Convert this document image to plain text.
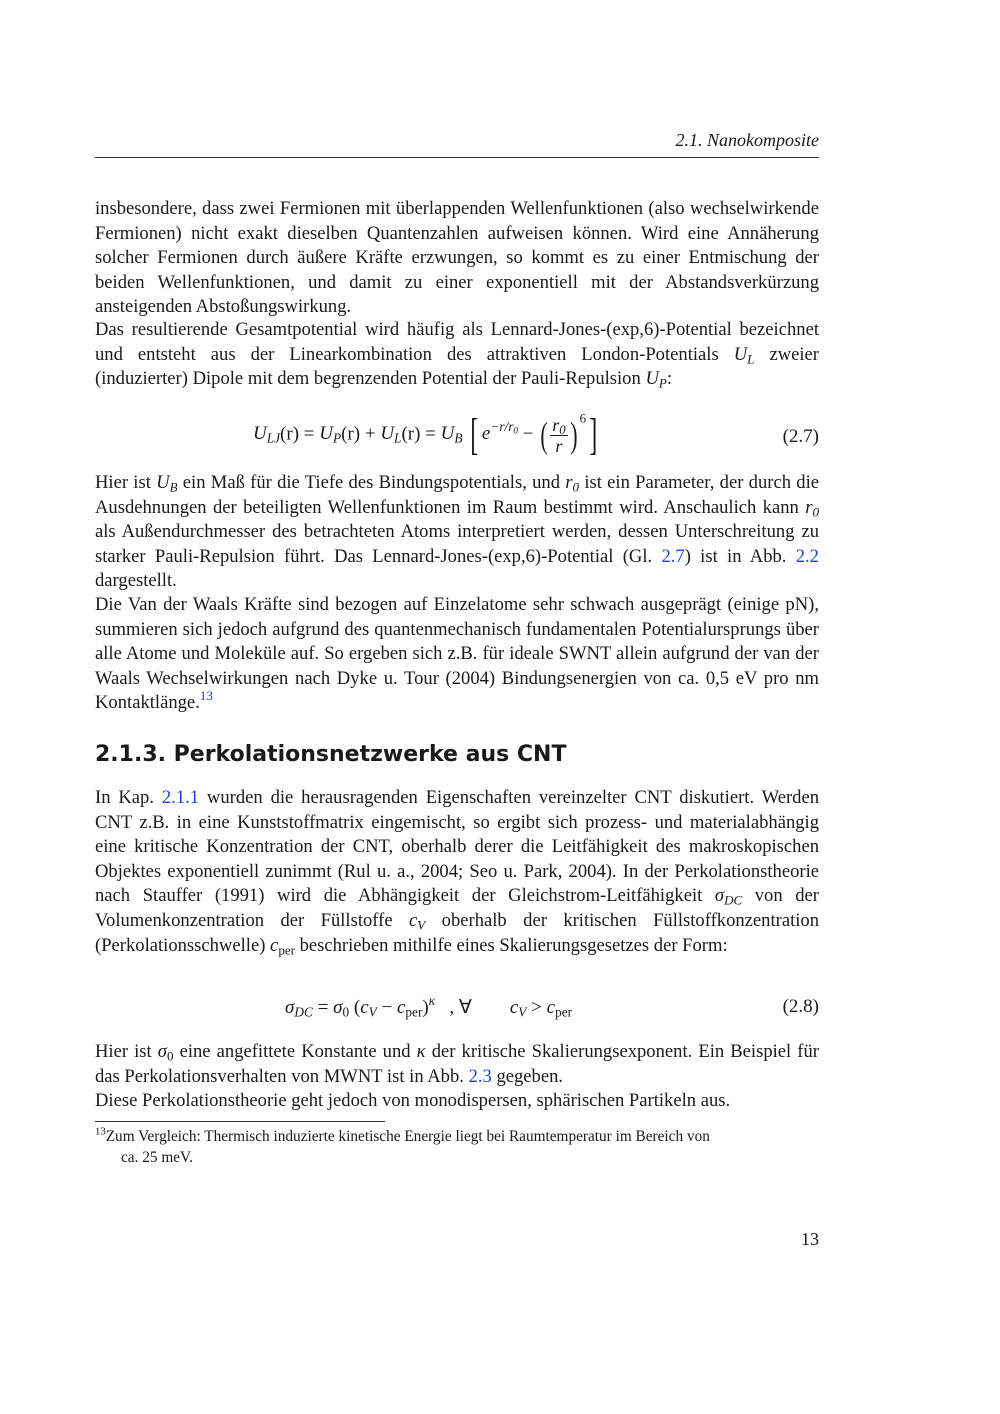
2.1. Nanokomposite

insbesondere, dass zwei Fermionen mit überlappenden Wellenfunktionen (also wechselwirkende Fermionen) nicht exakt dieselben Quantenzahlen aufweisen können. Wird eine Annäherung solcher Fermionen durch äußere Kräfte erzwungen, so kommt es zu einer Entmischung der beiden Wellenfunktionen, und damit zu einer exponentiell mit der Abstandsverkürzung ansteigenden Abstoßungswirkung.

Das resultierende Gesamtpotential wird häufig als Lennard-Jones-(exp,6)-Potential bezeichnet und entsteht aus der Linearkombination des attraktiven London-Potentials $U_L$ zweier (induzierter) Dipole mit dem begrenzenden Potential der Pauli-Repulsion $U_P$:

$U_{LJ}(r) = U_P(r) + U_L(r) = U_B$ [ $e^{-r/r_0}$ − ( $\frac{r_0}{r}$ ) $^6$]	(2.7)

Hier ist $U_B$ ein Maß für die Tiefe des Bindungspotentials, und $r_0$ ist ein Parameter, der durch die Ausdehnungen der beteiligten Wellenfunktionen im Raum bestimmt wird. Anschaulich kann $r_0$ als Außendurchmesser des betrachteten Atoms interpretiert werden, dessen Unterschreitung zu starker Pauli-Repulsion führt. Das Lennard-Jones-(exp,6)-Potential (Gl. 2.7) ist in Abb. 2.2 dargestellt.

Die Van der Waals Kräfte sind bezogen auf Einzelatome sehr schwach ausgeprägt (einige pN), summieren sich jedoch aufgrund des quantenmechanisch fundamentalen Potentialursprungs über alle Atome und Moleküle auf. So ergeben sich z.B. für ideale SWNT allein aufgrund der van der Waals Wechselwirkungen nach Dyke u. Tour (2004) Bindungsenergien von ca. 0,5 eV pro nm Kontaktlänge.$^{13}$

2.1.3. Perkolationsnetzwerke aus CNT

In Kap. 2.1.1 wurden die herausragenden Eigenschaften vereinzelter CNT diskutiert. Werden CNT z.B. in eine Kunststoffmatrix eingemischt, so ergibt sich prozess- und materialabhängig eine kritische Konzentration der CNT, oberhalb derer die Leitfähigkeit des makroskopischen Objektes exponentiell zunimmt (Rul u. a., 2004; Seo u. Park, 2004). In der Perkolationstheorie nach Stauffer (1991) wird die Abhängigkeit der Gleichstrom-Leitfähigkeit $\sigma_{DC}$ von der Volumenkonzentration der Füllstoffe $c_V$ oberhalb der kritischen Füllstoffkonzentration (Perkolationsschwelle) $c_{per}$ beschrieben mithilfe eines Skalierungsgesetzes der Form:

$\sigma_{DC} = \sigma_0$ $(c_V - c_{per})^\kappa$   , ∀        $c_V > c_{per}$	(2.8)

Hier ist $\sigma_0$ eine angefittete Konstante und κ der kritische Skalierungsexponent. Ein Beispiel für das Perkolationsverhalten von MWNT ist in Abb. 2.3 gegeben.

Diese Perkolationstheorie geht jedoch von monodispersen, sphärischen Partikeln aus.

$^{13}$Zum Vergleich: Thermisch induzierte kinetische Energie liegt bei Raumtemperatur im Bereich von
ca. 25 meV.
13
